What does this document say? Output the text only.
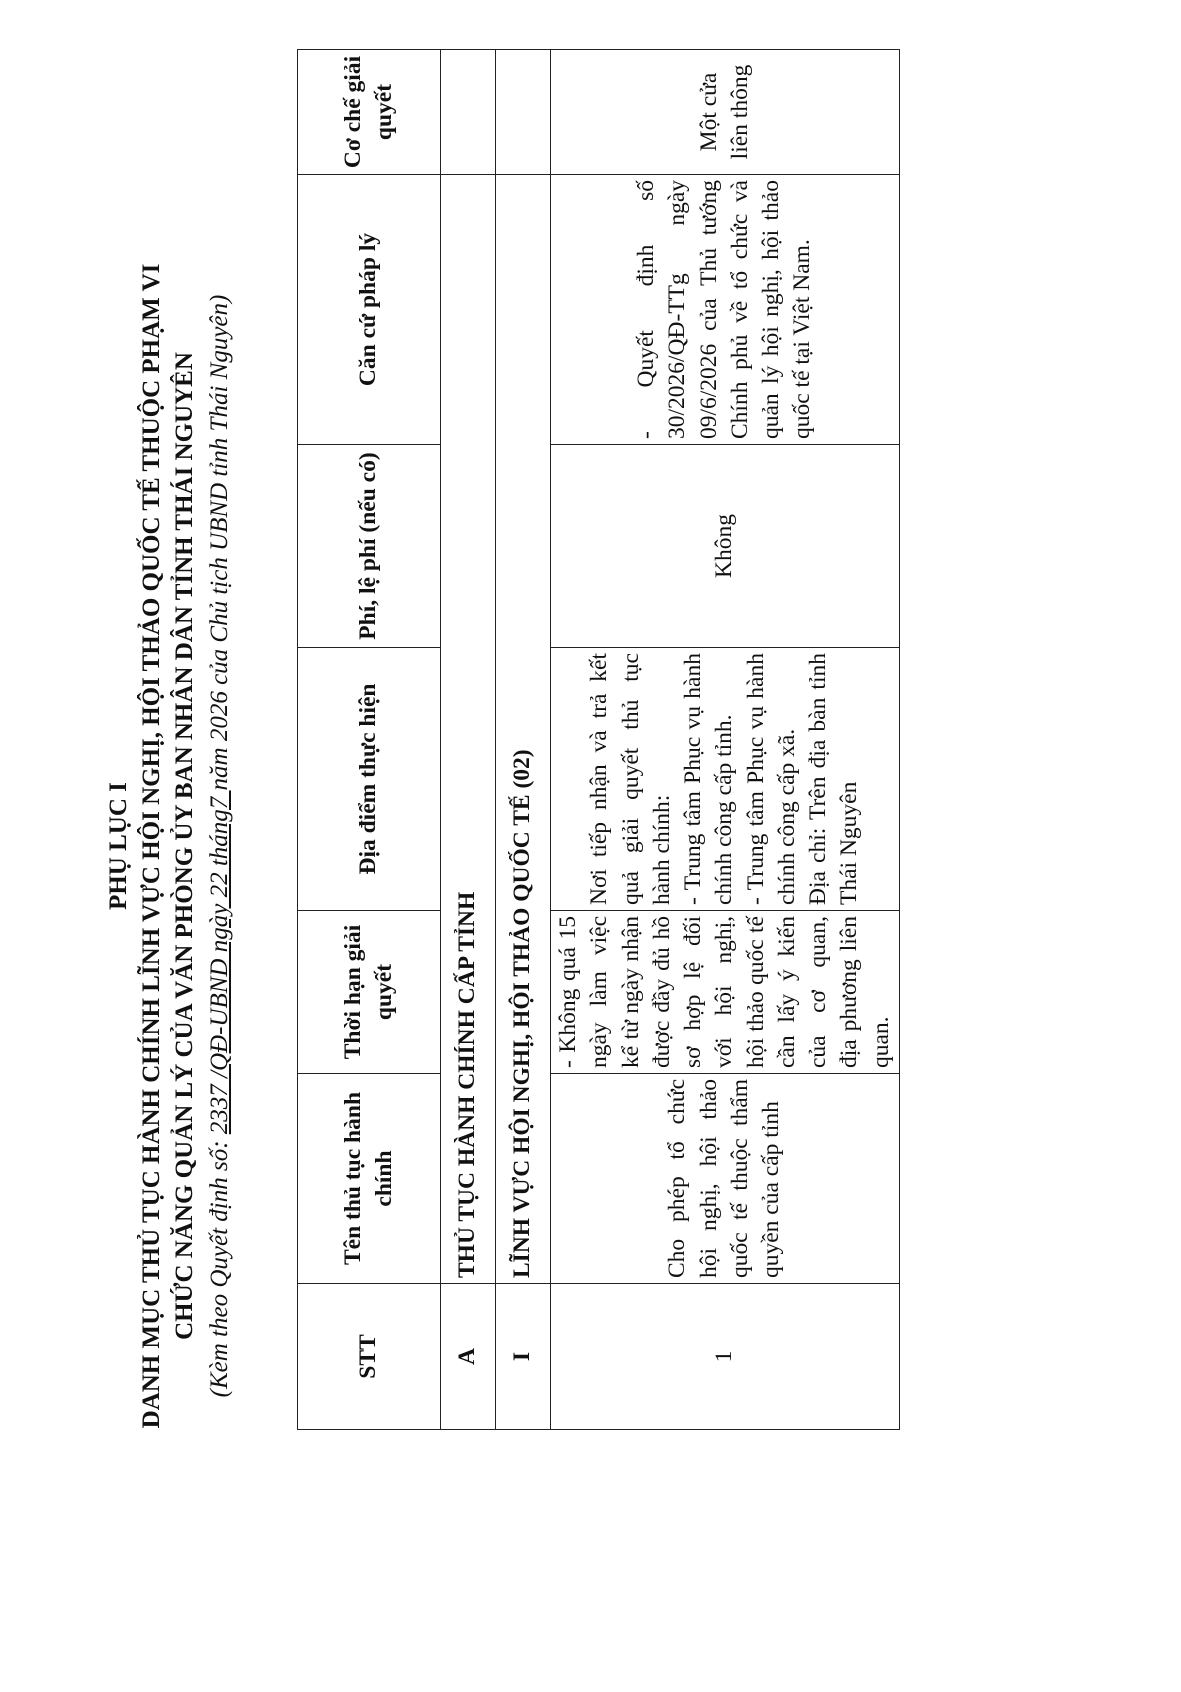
PHỤ LỤC I DANH MỤC THỦ TỤC HÀNH CHÍNH LĨNH VỰC HỘI NGHỊ, HỘI THẢO QUỐC TẾ THUỘC PHẠM VI CHỨC NĂNG QUẢN LÝ CỦA VĂN PHÒNG ỦY BAN NHÂN DÂN TỈNH THÁI NGUYÊN (Kèm theo Quyết định số: 2337 /QĐ-UBND ngày 22 tháng7 năm 2026 của Chủ tịch UBND tỉnh Thái Nguyên)
STT	Tên thủ tục hành chính	Thời hạn giải quyết	Địa điểm thực hiện	Phí, lệ phí (nếu có)	Căn cứ pháp lý	Cơ chế giải quyết
A	THỦ TỤC HÀNH CHÍNH CẤP TỈNH					
I	LĨNH VỰC HỘI NGHỊ, HỘI THẢO QUỐC TẾ (02)					
1	Cho phép tổ chức hội nghị, hội thảo quốc tế thuộc thẩm quyền của cấp tỉnh	- Không quá 15 ngày làm việc kể từ ngày nhận được đầy đủ hồ sơ hợp lệ đối với hội nghị, hội thảo quốc tế cần lấy ý kiến của cơ quan, địa phương liên quan.	Nơi tiếp nhận và trả kết quả giải quyết thủ tục hành chính: - Trung tâm Phục vụ hành chính công cấp tỉnh. - Trung tâm Phục vụ hành chính công cấp xã. Địa chỉ: Trên địa bàn tỉnh Thái Nguyên	Không	- Quyết định số 30/2026/QĐ-TTg ngày 09/6/2026 của Thủ tướng Chính phủ về tổ chức và quản lý hội nghị, hội thảo quốc tế tại Việt Nam.	Một cửa liên thông
